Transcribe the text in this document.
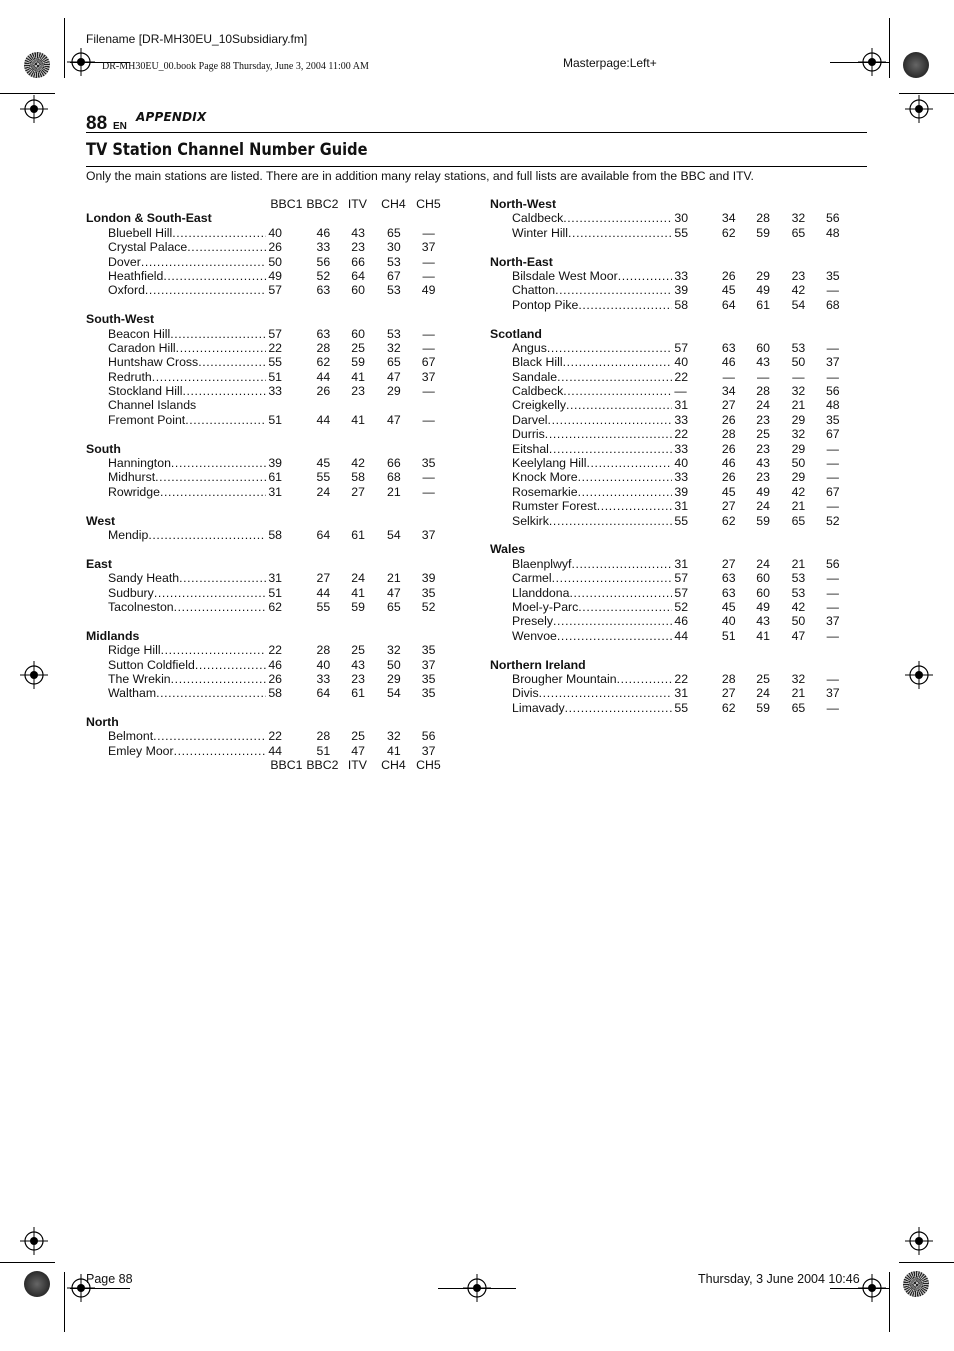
Filename [DR-MH30EU_10Subsidiary.fm]
DR-MH30EU_00.book Page 88 Thursday, June 3, 2004 11:00 AM	Masterpage:Left+
88 EN
APPENDIX
TV Station Channel Number Guide
Only the main stations are listed. There are in addition many relay stations, and full lists are available from the BBC and ITV.
BBC1 BBC2 ITV	CH4 CH5
London & South-East
Bluebell Hill .....	40	46	43	65	—
Crystal Palace .....	26	33	23	30	37
Dover .....	50	56	66	53	—
Heathfield .....	49	52	64	67	—
Oxford .....	57	63	60	53	49
South-West
Beacon Hill .....	57	63	60	53	—
Caradon Hill .....	22	28	25	32	—
Huntshaw Cross .....	55	62	59	65	67
Redruth .....	51	44	41	47	37
Stockland Hill .....	33	26	23	29	—
Channel Islands
Fremont Point .....	51	44	41	47	—
South
Hannington .....	39	45	42	66	35
Midhurst .....	61	55	58	68	—
Rowridge .....	31	24	27	21	—
West
Mendip .....	58	64	61	54	37
East
Sandy Heath .....	31	27	24	21	39
Sudbury .....	51	44	41	47	35
Tacolneston .....	62	55	59	65	52
Midlands
Ridge Hill .....	22	28	25	32	35
Sutton Coldfield .....	46	40	43	50	37
The Wrekin .....	26	33	23	29	35
Waltham .....	58	64	61	54	35
North
Belmont .....	22	28	25	32	56
Emley Moor .....	44	51	47	41	37
BBC1 BBC2 ITV	CH4 CH5
North-West
Caldbeck .....	30	34	28	32	56
Winter Hill .....	55	62	59	65	48
North-East
Bilsdale West Moor .....	33	26	29	23	35
Chatton .....	39	45	49	42	—
Pontop Pike .....	58	64	61	54	68
Scotland
Angus .....	57	63	60	53	—
Black Hill .....	40	46	43	50	37
Sandale .....	22	—	—	—	—
Caldbeck .....	—	34	28	32	56
Creigkelly .....	31	27	24	21	48
Darvel .....	33	26	23	29	35
Durris .....	22	28	25	32	67
Eitshal .....	33	26	23	29	—
Keelylang Hill .....	40	46	43	50	—
Knock More .....	33	26	23	29	—
Rosemarkie .....	39	45	49	42	67
Rumster Forest .....	31	27	24	21	—
Selkirk .....	55	62	59	65	52
Wales
Blaenplwyf .....	31	27	24	21	56
Carmel .....	57	63	60	53	—
Llanddona .....	57	63	60	53	—
Moel-y-Parc .....	52	45	49	42	—
Presely .....	46	40	43	50	37
Wenvoe .....	44	51	41	47	—
Northern Ireland
Brougher Mountain .....	22	28	25	32	—
Divis .....	31	27	24	21	37
Limavady .....	55	62	59	65	—
Page 88	Thursday, 3 June 2004 10:46
